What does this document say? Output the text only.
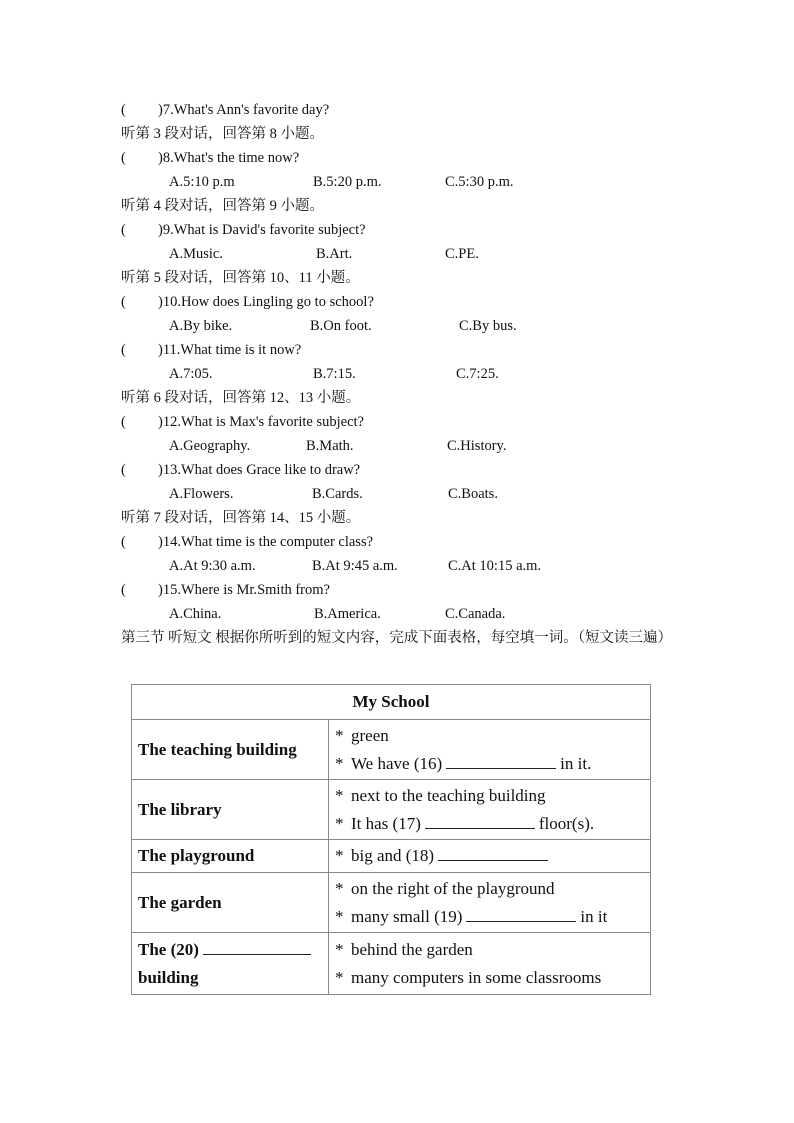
( )7.What's Ann's favorite day?
听第 3 段对话，回答第 8 小题。
( )8.What's the time now?
A.5:10 p.m	B.5:20 p.m.	C.5:30 p.m.
听第 4 段对话，回答第 9 小题。
( )9.What is David's favorite subject?
A.Music.	B.Art.	C.PE.
听第 5 段对话，回答第 10、11 小题。
( )10.How does Lingling go to school?
A.By bike.	B.On foot.	C.By bus.
( )11.What time is it now?
A.7:05.	B.7:15.	C.7:25.
听第 6 段对话，回答第 12、13 小题。
( )12.What is Max's favorite subject?
A.Geography.	B.Math.	C.History.
( )13.What does Grace like to draw?
A.Flowers.	B.Cards.	C.Boats.
听第 7 段对话，回答第 14、15 小题。
( )14.What time is the computer class?
A.At 9:30 a.m.	B.At 9:45 a.m.	C.At 10:15 a.m.
( )15.Where is Mr.Smith from?
A.China.	B.America.	C.Canada.
第三节 听短文 根据你所听到的短文内容，完成下面表格，每空填一词。（短文读三遍）
My School	
The teaching building	* green
* We have (16) in it.

The library	* next to the teaching building
* It has (17) floor(s).

The playground	* big and (18)

The garden	* on the right of the playground
* many small (19) in it

The (20)
building	* behind the garden
* many computers in some classrooms
